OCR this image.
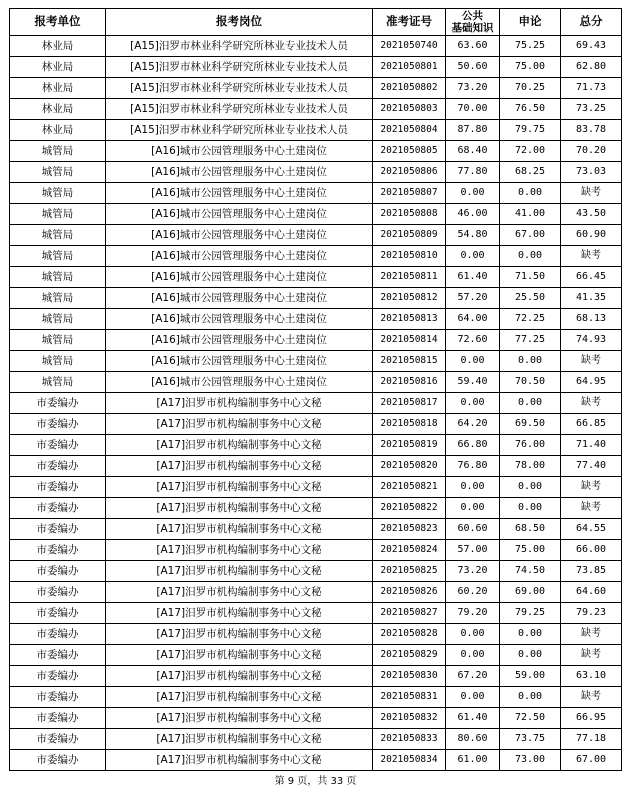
报考单位	报考岗位	准考证号	公共
基础知识	申论	总分
林业局	[A15]汨罗市林业科学研究所林业专业技术人员	2021050740	63.60	75.25	69.43
林业局	[A15]汨罗市林业科学研究所林业专业技术人员	2021050801	50.60	75.00	62.80
林业局	[A15]汨罗市林业科学研究所林业专业技术人员	2021050802	73.20	70.25	71.73
林业局	[A15]汨罗市林业科学研究所林业专业技术人员	2021050803	70.00	76.50	73.25
林业局	[A15]汨罗市林业科学研究所林业专业技术人员	2021050804	87.80	79.75	83.78
城管局	[A16]城市公园管理服务中心土建岗位	2021050805	68.40	72.00	70.20
城管局	[A16]城市公园管理服务中心土建岗位	2021050806	77.80	68.25	73.03
城管局	[A16]城市公园管理服务中心土建岗位	2021050807	0.00	0.00	缺考
城管局	[A16]城市公园管理服务中心土建岗位	2021050808	46.00	41.00	43.50
城管局	[A16]城市公园管理服务中心土建岗位	2021050809	54.80	67.00	60.90
城管局	[A16]城市公园管理服务中心土建岗位	2021050810	0.00	0.00	缺考
城管局	[A16]城市公园管理服务中心土建岗位	2021050811	61.40	71.50	66.45
城管局	[A16]城市公园管理服务中心土建岗位	2021050812	57.20	25.50	41.35
城管局	[A16]城市公园管理服务中心土建岗位	2021050813	64.00	72.25	68.13
城管局	[A16]城市公园管理服务中心土建岗位	2021050814	72.60	77.25	74.93
城管局	[A16]城市公园管理服务中心土建岗位	2021050815	0.00	0.00	缺考
城管局	[A16]城市公园管理服务中心土建岗位	2021050816	59.40	70.50	64.95
市委编办	[A17]汨罗市机构编制事务中心文秘	2021050817	0.00	0.00	缺考
市委编办	[A17]汨罗市机构编制事务中心文秘	2021050818	64.20	69.50	66.85
市委编办	[A17]汨罗市机构编制事务中心文秘	2021050819	66.80	76.00	71.40
市委编办	[A17]汨罗市机构编制事务中心文秘	2021050820	76.80	78.00	77.40
市委编办	[A17]汨罗市机构编制事务中心文秘	2021050821	0.00	0.00	缺考
市委编办	[A17]汨罗市机构编制事务中心文秘	2021050822	0.00	0.00	缺考
市委编办	[A17]汨罗市机构编制事务中心文秘	2021050823	60.60	68.50	64.55
市委编办	[A17]汨罗市机构编制事务中心文秘	2021050824	57.00	75.00	66.00
市委编办	[A17]汨罗市机构编制事务中心文秘	2021050825	73.20	74.50	73.85
市委编办	[A17]汨罗市机构编制事务中心文秘	2021050826	60.20	69.00	64.60
市委编办	[A17]汨罗市机构编制事务中心文秘	2021050827	79.20	79.25	79.23
市委编办	[A17]汨罗市机构编制事务中心文秘	2021050828	0.00	0.00	缺考
市委编办	[A17]汨罗市机构编制事务中心文秘	2021050829	0.00	0.00	缺考
市委编办	[A17]汨罗市机构编制事务中心文秘	2021050830	67.20	59.00	63.10
市委编办	[A17]汨罗市机构编制事务中心文秘	2021050831	0.00	0.00	缺考
市委编办	[A17]汨罗市机构编制事务中心文秘	2021050832	61.40	72.50	66.95
市委编办	[A17]汨罗市机构编制事务中心文秘	2021050833	80.60	73.75	77.18
市委编办	[A17]汨罗市机构编制事务中心文秘	2021050834	61.00	73.00	67.00
第 9 页，共 33 页
